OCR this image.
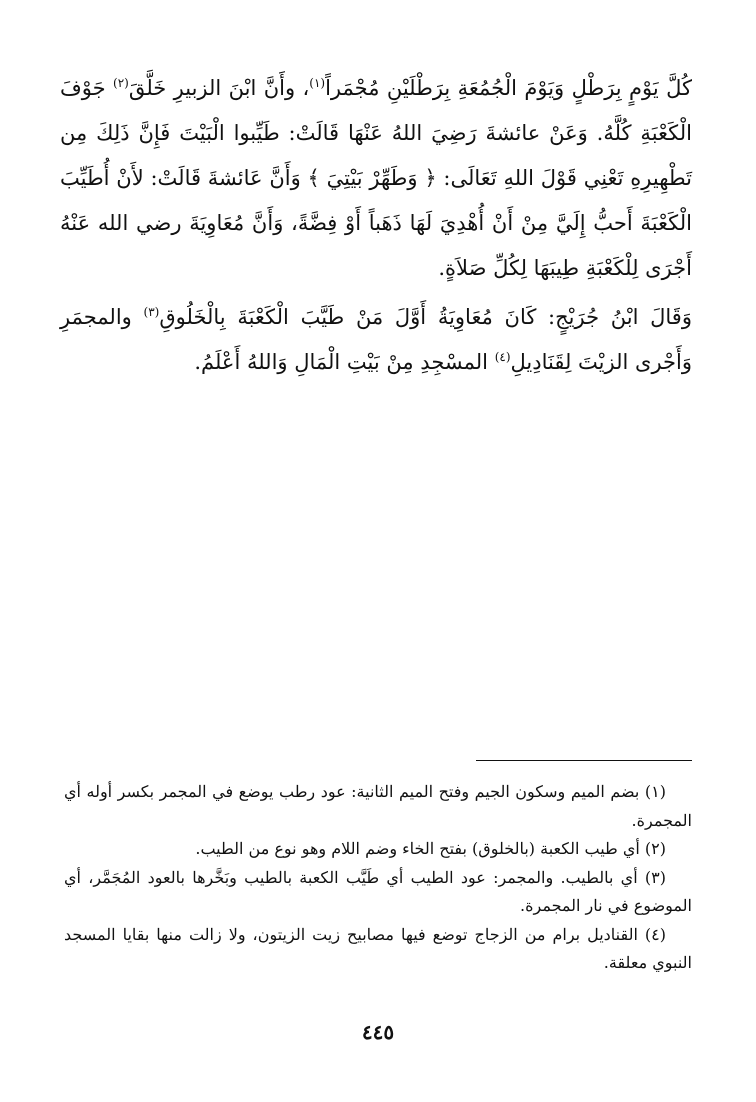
كُلَّ يَوْمٍ بِرَطْلٍ وَيَوْمَ الْجُمُعَةِ بِرَطْلَيْنِ مُجْمَراً$^{(١)}$، وأَنَّ ابْنَ الزبيرِ خَلَّقَ$^{(٢)}$ جَوْفَ الْكَعْبَةِ كُلَّهُ. وَعَنْ عائشةَ رَضِيَ اللهُ عَنْهَا قَالَتْ: طَيِّبوا الْبَيْتَ فَإِنَّ ذَلِكَ مِن تَطْهِيرِهِ تَعْنِي قَوْلَ اللهِ تَعَالَى: ﴿ وَطَهِّرْ بَيْتِيَ ﴾ وَأَنَّ عَائشةَ قَالَتْ: لأَنْ أُطَيِّبَ الْكَعْبَةَ أَحبُّ إِلَيَّ مِنْ أَنْ أُهْدِيَ لَهَا ذَهَباً أَوْ فِضَّةً، وَأَنَّ مُعَاوِيَةَ رضي الله عَنْهُ أَجْرَى لِلْكَعْبَةِ طِيبَهَا لِكُلِّ صَلاَةٍ.

وَقَالَ ابْنُ جُرَيْجٍ: كَانَ مُعَاوِيَةُ أَوَّلَ مَنْ طَيَّبَ الْكَعْبَةَ بِالْخَلُوقِ$^{(٣)}$ والمجمَرِ وَأَجْرى الزيْتَ لِقَنَادِيلِ$^{(٤)}$ المسْجِدِ مِنْ بَيْتِ الْمَالِ وَاللهُ أَعْلَمُ.

(١) بضم الميم وسكون الجيم وفتح الميم الثانية: عود رطب يوضع في المجمر بكسر أوله أي المجمرة.

(٢) أي طيب الكعبة (بالخلوق) بفتح الخاء وضم اللام وهو نوع من الطيب.

(٣) أي بالطيب. والمجمر: عود الطيب أي طَيَّب الكعبة بالطيب وبَخَّرها بالعود المُجَمَّر، أي الموضوع في نار المجمرة.

(٤) القناديل برام من الزجاج توضع فيها مصابيح زيت الزيتون، ولا زالت منها بقايا المسجد النبوي معلقة.

٤٤٥
